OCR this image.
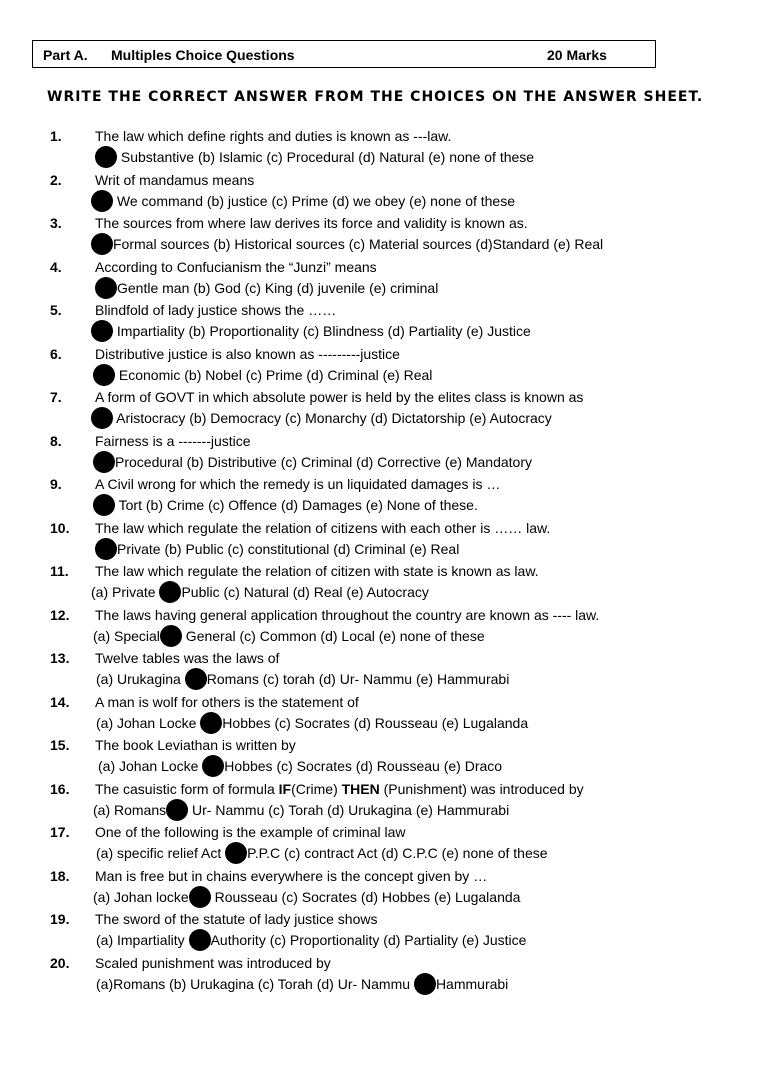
Part A. Multiples Choice Questions	20 Marks
WRITE THE CORRECT ANSWER FROM THE CHOICES ON THE ANSWER SHEET.
1. The law which define rights and duties is known as ---law.
Substantive (b) Islamic (c) Procedural (d) Natural (e) none of these
2. Writ of mandamus means
We command (b) justice (c) Prime (d) we obey (e) none of these
3. The sources from where law derives its force and validity is known as.
Formal sources (b) Historical sources (c) Material sources (d)Standard (e) Real
4. According to Confucianism the “Junzi” means
Gentle man (b) God (c) King (d) juvenile (e) criminal
5. Blindfold of lady justice shows the ……
Impartiality (b) Proportionality (c) Blindness (d) Partiality (e) Justice
6. Distributive justice is also known as ---------justice
Economic (b) Nobel (c) Prime (d) Criminal (e) Real
7. A form of GOVT in which absolute power is held by the elites class is known as
Aristocracy (b) Democracy (c) Monarchy (d) Dictatorship (e) Autocracy
8. Fairness is a -------justice
Procedural (b) Distributive (c) Criminal (d) Corrective (e) Mandatory
9. A Civil wrong for which the remedy is un liquidated damages is …
Tort (b) Crime (c) Offence (d) Damages (e) None of these.
10. The law which regulate the relation of citizens with each other is …… law.
Private (b) Public (c) constitutional (d) Criminal (e) Real
11. The law which regulate the relation of citizen with state is known as law.
(a) Private Public (c) Natural (d) Real (e) Autocracy
12. The laws having general application throughout the country are known as ---- law.
(a) Special General (c) Common (d) Local (e) none of these
13. Twelve tables was the laws of
(a) Urukagina Romans (c) torah (d) Ur- Nammu (e) Hammurabi
14. A man is wolf for others is the statement of
(a) Johan Locke Hobbes (c) Socrates (d) Rousseau (e) Lugalanda
15. The book Leviathan is written by
(a) Johan Locke Hobbes (c) Socrates (d) Rousseau (e) Draco
16. The casuistic form of formula IF(Crime) THEN (Punishment) was introduced by
(a) Romans Ur- Nammu (c) Torah (d) Urukagina (e) Hammurabi
17. One of the following is the example of criminal law
(a) specific relief Act P.P.C (c) contract Act (d) C.P.C (e) none of these
18. Man is free but in chains everywhere is the concept given by …
(a) Johan locke Rousseau (c) Socrates (d) Hobbes (e) Lugalanda
19. The sword of the statute of lady justice shows
(a) Impartiality Authority (c) Proportionality (d) Partiality (e) Justice
20. Scaled punishment was introduced by
(a)Romans (b) Urukagina (c) Torah (d) Ur- Nammu Hammurabi
